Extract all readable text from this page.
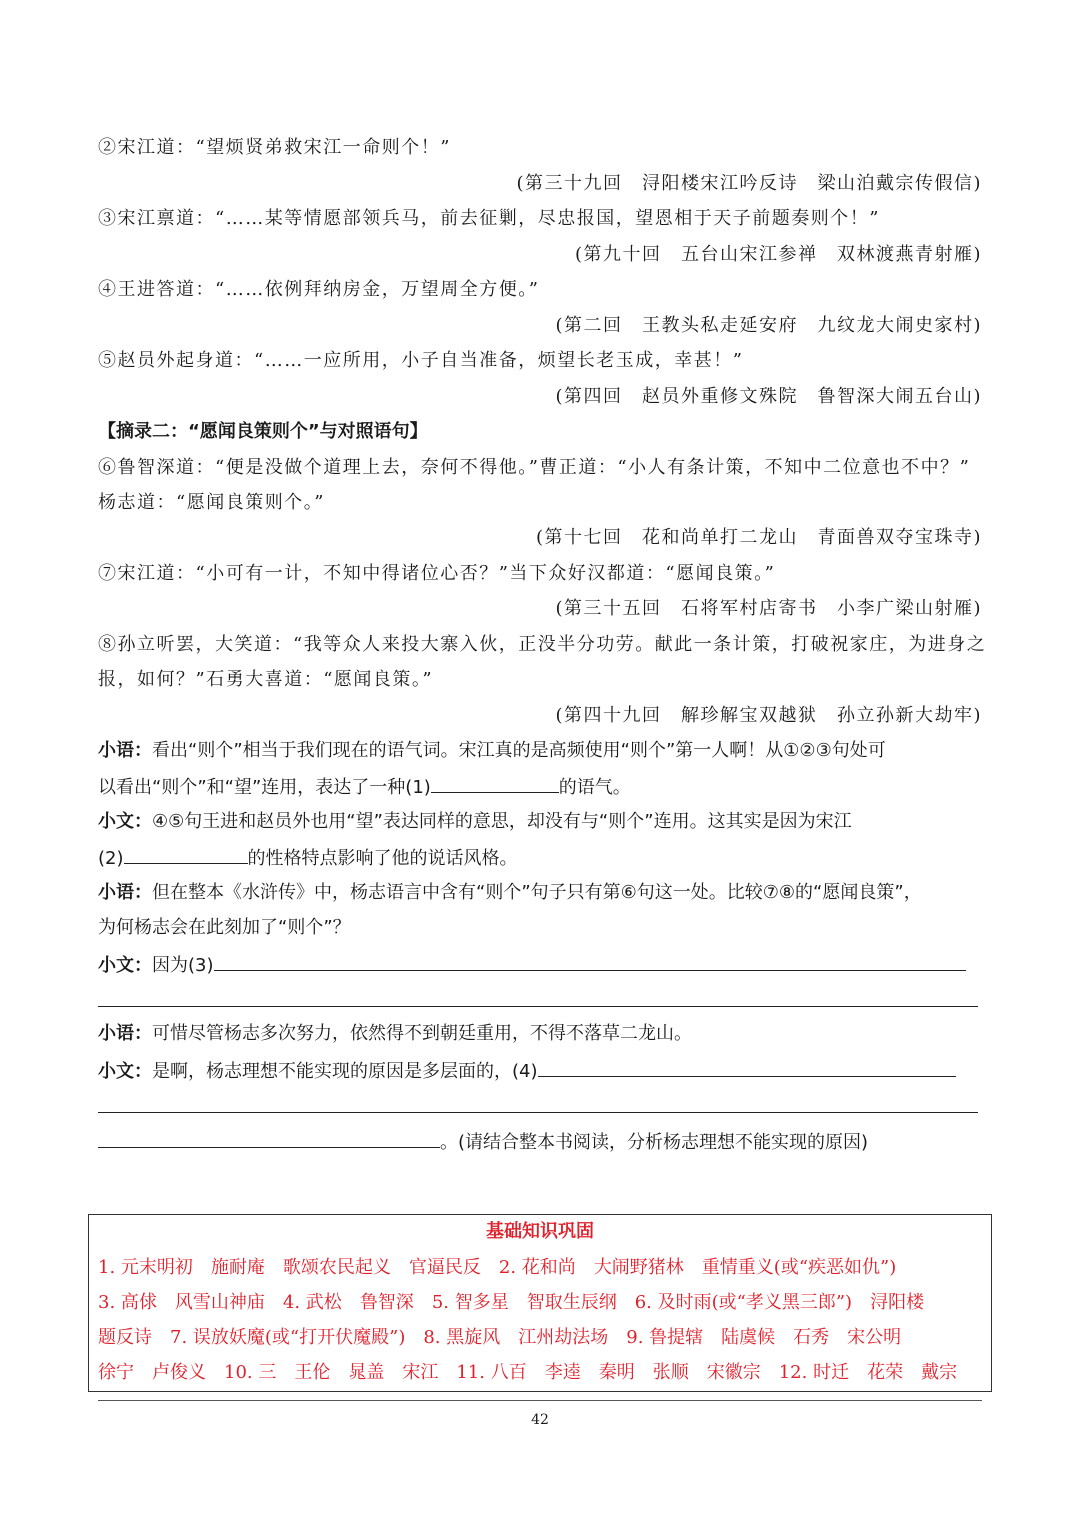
②宋江道：“望烦贤弟救宋江一命则个！”
(第三十九回　浔阳楼宋江吟反诗　梁山泊戴宗传假信)
③宋江禀道：“……某等情愿部领兵马，前去征剿，尽忠报国，望恩相于天子前题奏则个！”
(第九十回　五台山宋江参禅　双林渡燕青射雁)
④王进答道：“……依例拜纳房金，万望周全方便。”
(第二回　王教头私走延安府　九纹龙大闹史家村)
⑤赵员外起身道：“……一应所用，小子自当准备，烦望长老玉成，幸甚！”
(第四回　赵员外重修文殊院　鲁智深大闹五台山)
【摘录二：“愿闻良策则个”与对照语句】
⑥鲁智深道：“便是没做个道理上去，奈何不得他。”曹正道：“小人有条计策，不知中二位意也不中？”
杨志道：“愿闻良策则个。”
(第十七回　花和尚单打二龙山　青面兽双夺宝珠寺)
⑦宋江道：“小可有一计，不知中得诸位心否？”当下众好汉都道：“愿闻良策。”
(第三十五回　石将军村店寄书　小李广梁山射雁)
⑧孙立听罢，大笑道：“我等众人来投大寨入伙，正没半分功劳。献此一条计策，打破祝家庄，为进身之
报，如何？”石勇大喜道：“愿闻良策。”
(第四十九回　解珍解宝双越狱　孙立孙新大劫牢)
小语：看出“则个”相当于我们现在的语气词。宋江真的是高频使用“则个”第一人啊！从①②③句处可
以看出“则个”和“望”连用，表达了一种(1)	的语气。
小文：④⑤句王进和赵员外也用“望”表达同样的意思，却没有与“则个”连用。这其实是因为宋江
(2)	的性格特点影响了他的说话风格。
小语：但在整本《水浒传》中，杨志语言中含有“则个”句子只有第⑥句这一处。比较⑦⑧的“愿闻良策”，
为何杨志会在此刻加了“则个”？
小文：因为(3)
小语：可惜尽管杨志多次努力，依然得不到朝廷重用，不得不落草二龙山。
小文：是啊，杨志理想不能实现的原因是多层面的，(4)
。(请结合整本书阅读，分析杨志理想不能实现的原因)
基础知识巩固
1. 元末明初 施耐庵 歌颂农民起义 官逼民反 2. 花和尚 大闹野猪林 重情重义(或“疾恶如仇”)
3. 高俅 风雪山神庙 4. 武松 鲁智深 5. 智多星 智取生辰纲 6. 及时雨(或“孝义黑三郎”) 浔阳楼
题反诗 7. 误放妖魔(或“打开伏魔殿”) 8. 黑旋风 江州劫法场 9. 鲁提辖 陆虞候 石秀 宋公明
徐宁 卢俊义 10. 三 王伦 晁盖 宋江 11. 八百 李逵 秦明 张顺 宋徽宗 12. 时迁 花荣 戴宗
42
